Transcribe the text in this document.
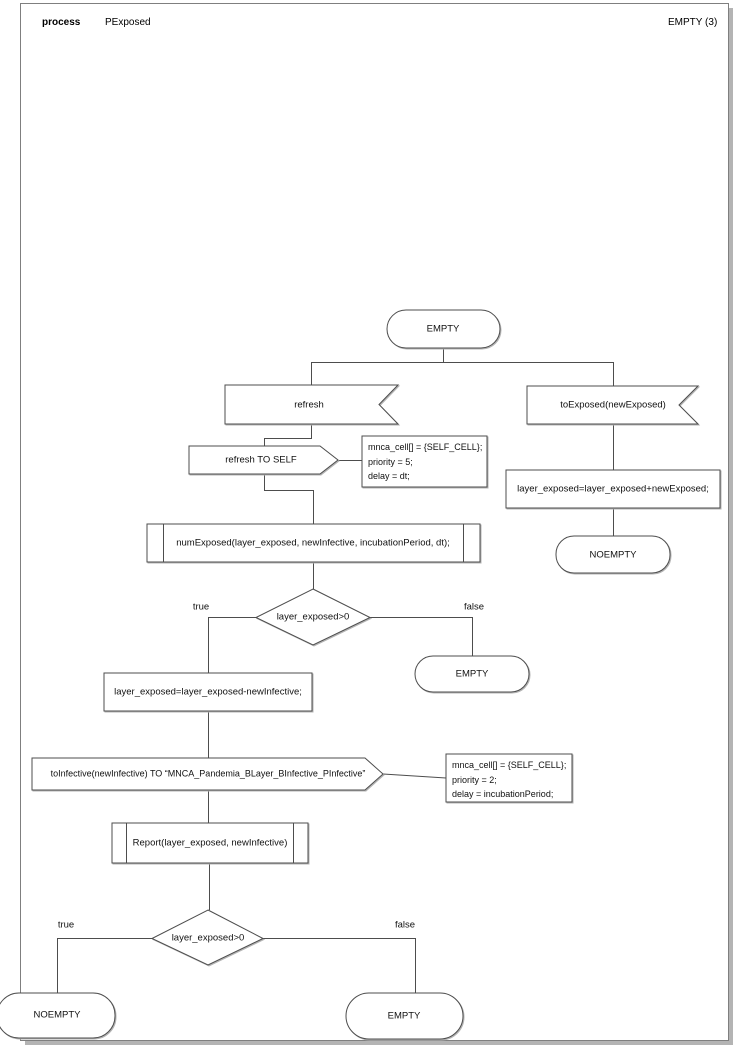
process PExposed	EMPTY (3)
EMPTY
refresh	toExposed(newExposed)
refresh TO SELF
numExposed(layer_exposed, newInfective, incubationPeriod, dt);
layer_exposed>0
true	false
EMPTY
layer_exposed=layer_exposed-newInfective;
toInfective(newInfective) TO “MNCA_Pandemia_BLayer_BInfective_PInfective”
Report(layer_exposed, newInfective)
layer_exposed>0
true	false
NOEMPTY	EMPTY
layer_exposed=layer_exposed+newExposed;
NOEMPTY
mnca_cell[] = {SELF_CELL};
priority = 5;
delay = dt;
mnca_cell[] = {SELF_CELL};
priority = 2;
delay = incubationPeriod;
